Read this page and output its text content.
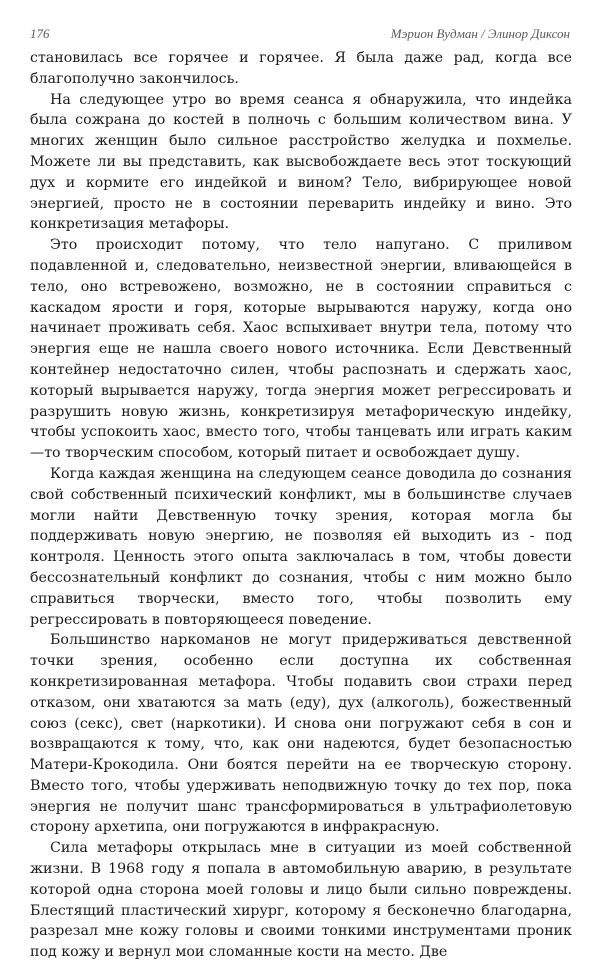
176	Мэрион Вудман / Элинор Диксон

становилась все горячее и горячее. Я была даже рад, когда все благополучно закончилось.

На следующее утро во время сеанса я обнаружила, что индейка была сожрана до костей в полночь с большим количеством вина. У многих женщин было сильное расстройство желудка и похмелье. Можете ли вы представить, как высвобождаете весь этот тоскующий дух и кормите его индейкой и вином? Тело, вибрирующее новой энергией, просто не в состоянии переварить индейку и вино. Это конкретизация метафоры.

Это происходит потому, что тело напугано. С приливом подавленной и, следовательно, неизвестной энергии, вливающейся в тело, оно встревожено, возможно, не в состоянии справиться с каскадом ярости и горя, которые вырываются наружу, когда оно начинает проживать себя. Хаос вспыхивает внутри тела, потому что энергия еще не нашла своего нового источника. Если Девственный контейнер недостаточно силен, чтобы распознать и сдержать хаос, который вырывается наружу, тогда энергия может регрессировать и разрушить новую жизнь, конкретизируя метафорическую индейку, чтобы успокоить хаос, вместо того, чтобы танцевать или играть каким—то творческим способом, который питает и освобождает душу.

Когда каждая женщина на следующем сеансе доводила до сознания свой собственный психический конфликт, мы в большинстве случаев могли найти Девственную точку зрения, которая могла бы поддерживать новую энергию, не позволяя ей выходить из - под контроля. Ценность этого опыта заключалась в том, чтобы довести бессознательный конфликт до сознания, чтобы с ним можно было справиться творчески, вместо того, чтобы позволить ему регрессировать в повторяющееся поведение.

Большинство наркоманов не могут придерживаться девственной точки зрения, особенно если доступна их собственная конкретизированная метафора. Чтобы подавить свои страхи перед отказом, они хватаются за мать (еду), дух (алкоголь), божественный союз (секс), свет (наркотики). И снова они погружают себя в сон и возвращаются к тому, что, как они надеются, будет безопасностью Матери-Крокодила. Они боятся перейти на ее творческую сторону. Вместо того, чтобы удерживать неподвижную точку до тех пор, пока энергия не получит шанс трансформироваться в ультрафиолетовую сторону архетипа, они погружаются в инфракрасную.

Сила метафоры открылась мне в ситуации из моей собственной жизни. В 1968 году я попала в автомобильную аварию, в результате которой одна сторона моей головы и лицо были сильно повреждены. Блестящий пластический хирург, которому я бесконечно благодарна, разрезал мне кожу головы и своими тонкими инструментами проник под кожу и вернул мои сломанные кости на место. Две
